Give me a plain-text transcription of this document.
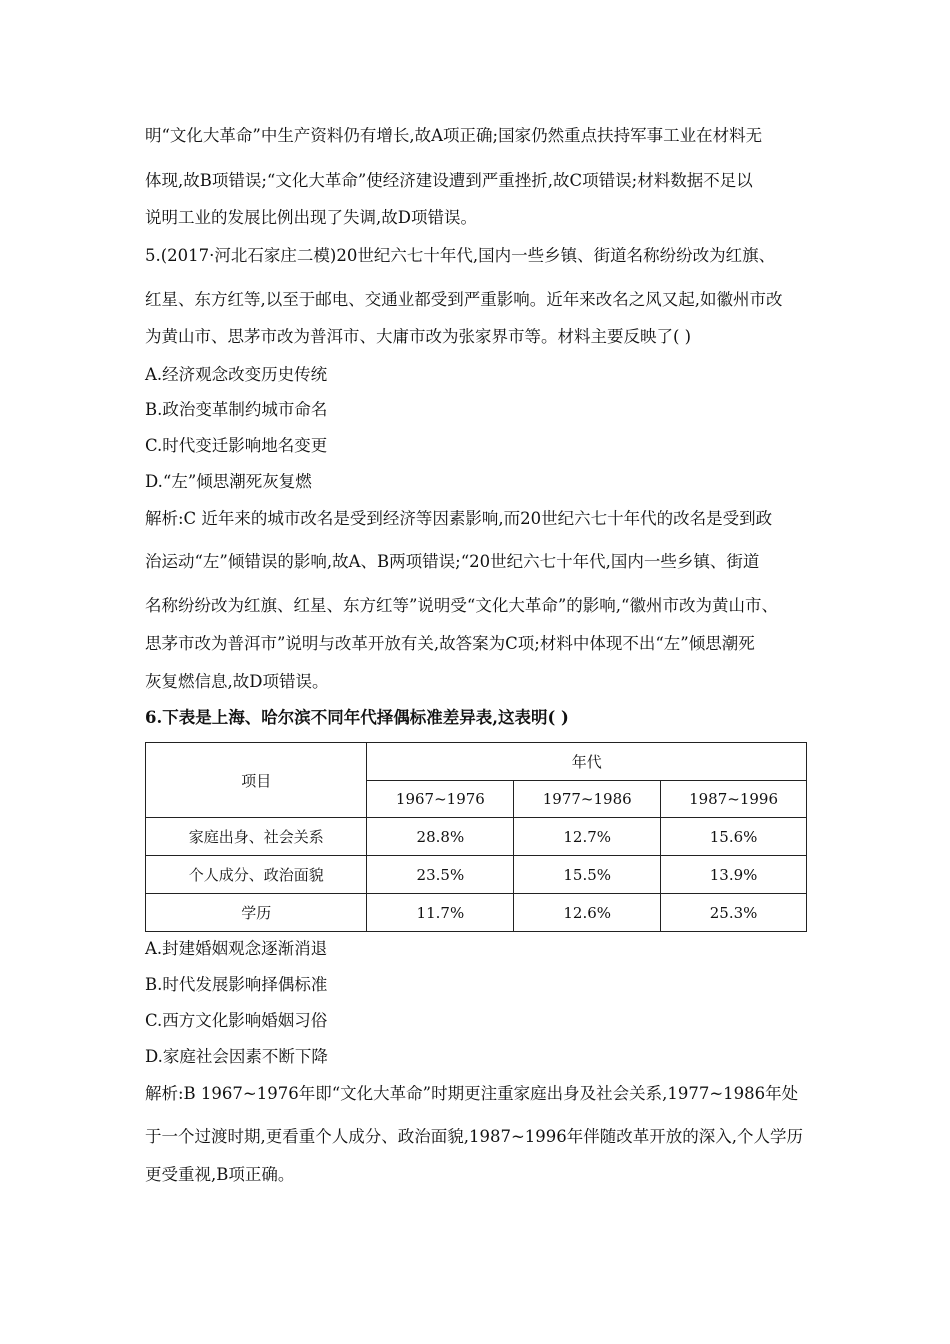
明“文化大革命”中生产资料仍有增长,故A项正确;国家仍然重点扶持军事工业在材料无
体现,故B项错误;“文化大革命”使经济建设遭到严重挫折,故C项错误;材料数据不足以
说明工业的发展比例出现了失调,故D项错误。
5.(2017·河北石家庄二模)20世纪六七十年代,国内一些乡镇、街道名称纷纷改为红旗、
红星、东方红等,以至于邮电、交通业都受到严重影响。近年来改名之风又起,如徽州市改
为黄山市、思茅市改为普洱市、大庸市改为张家界市等。材料主要反映了( )
A.经济观念改变历史传统
B.政治变革制约城市命名
C.时代变迁影响地名变更
D.“左”倾思潮死灰复燃
解析:C 近年来的城市改名是受到经济等因素影响,而20世纪六七十年代的改名是受到政
治运动“左”倾错误的影响,故A、B两项错误;“20世纪六七十年代,国内一些乡镇、街道
名称纷纷改为红旗、红星、东方红等”说明受“文化大革命”的影响,“徽州市改为黄山市、
思茅市改为普洱市”说明与改革开放有关,故答案为C项;材料中体现不出“左”倾思潮死
灰复燃信息,故D项错误。
6.下表是上海、哈尔滨不同年代择偶标准差异表,这表明( )
项目	年代		
	1967~1976	1977~1986	1987~1996
家庭出身、社会关系	28.8%	12.7%	15.6%
个人成分、政治面貌	23.5%	15.5%	13.9%
学历	11.7%	12.6%	25.3%
A.封建婚姻观念逐渐消退
B.时代发展影响择偶标准
C.西方文化影响婚姻习俗
D.家庭社会因素不断下降
解析:B 1967~1976年即“文化大革命”时期更注重家庭出身及社会关系,1977~1986年处
于一个过渡时期,更看重个人成分、政治面貌,1987~1996年伴随改革开放的深入,个人学历
更受重视,B项正确。
